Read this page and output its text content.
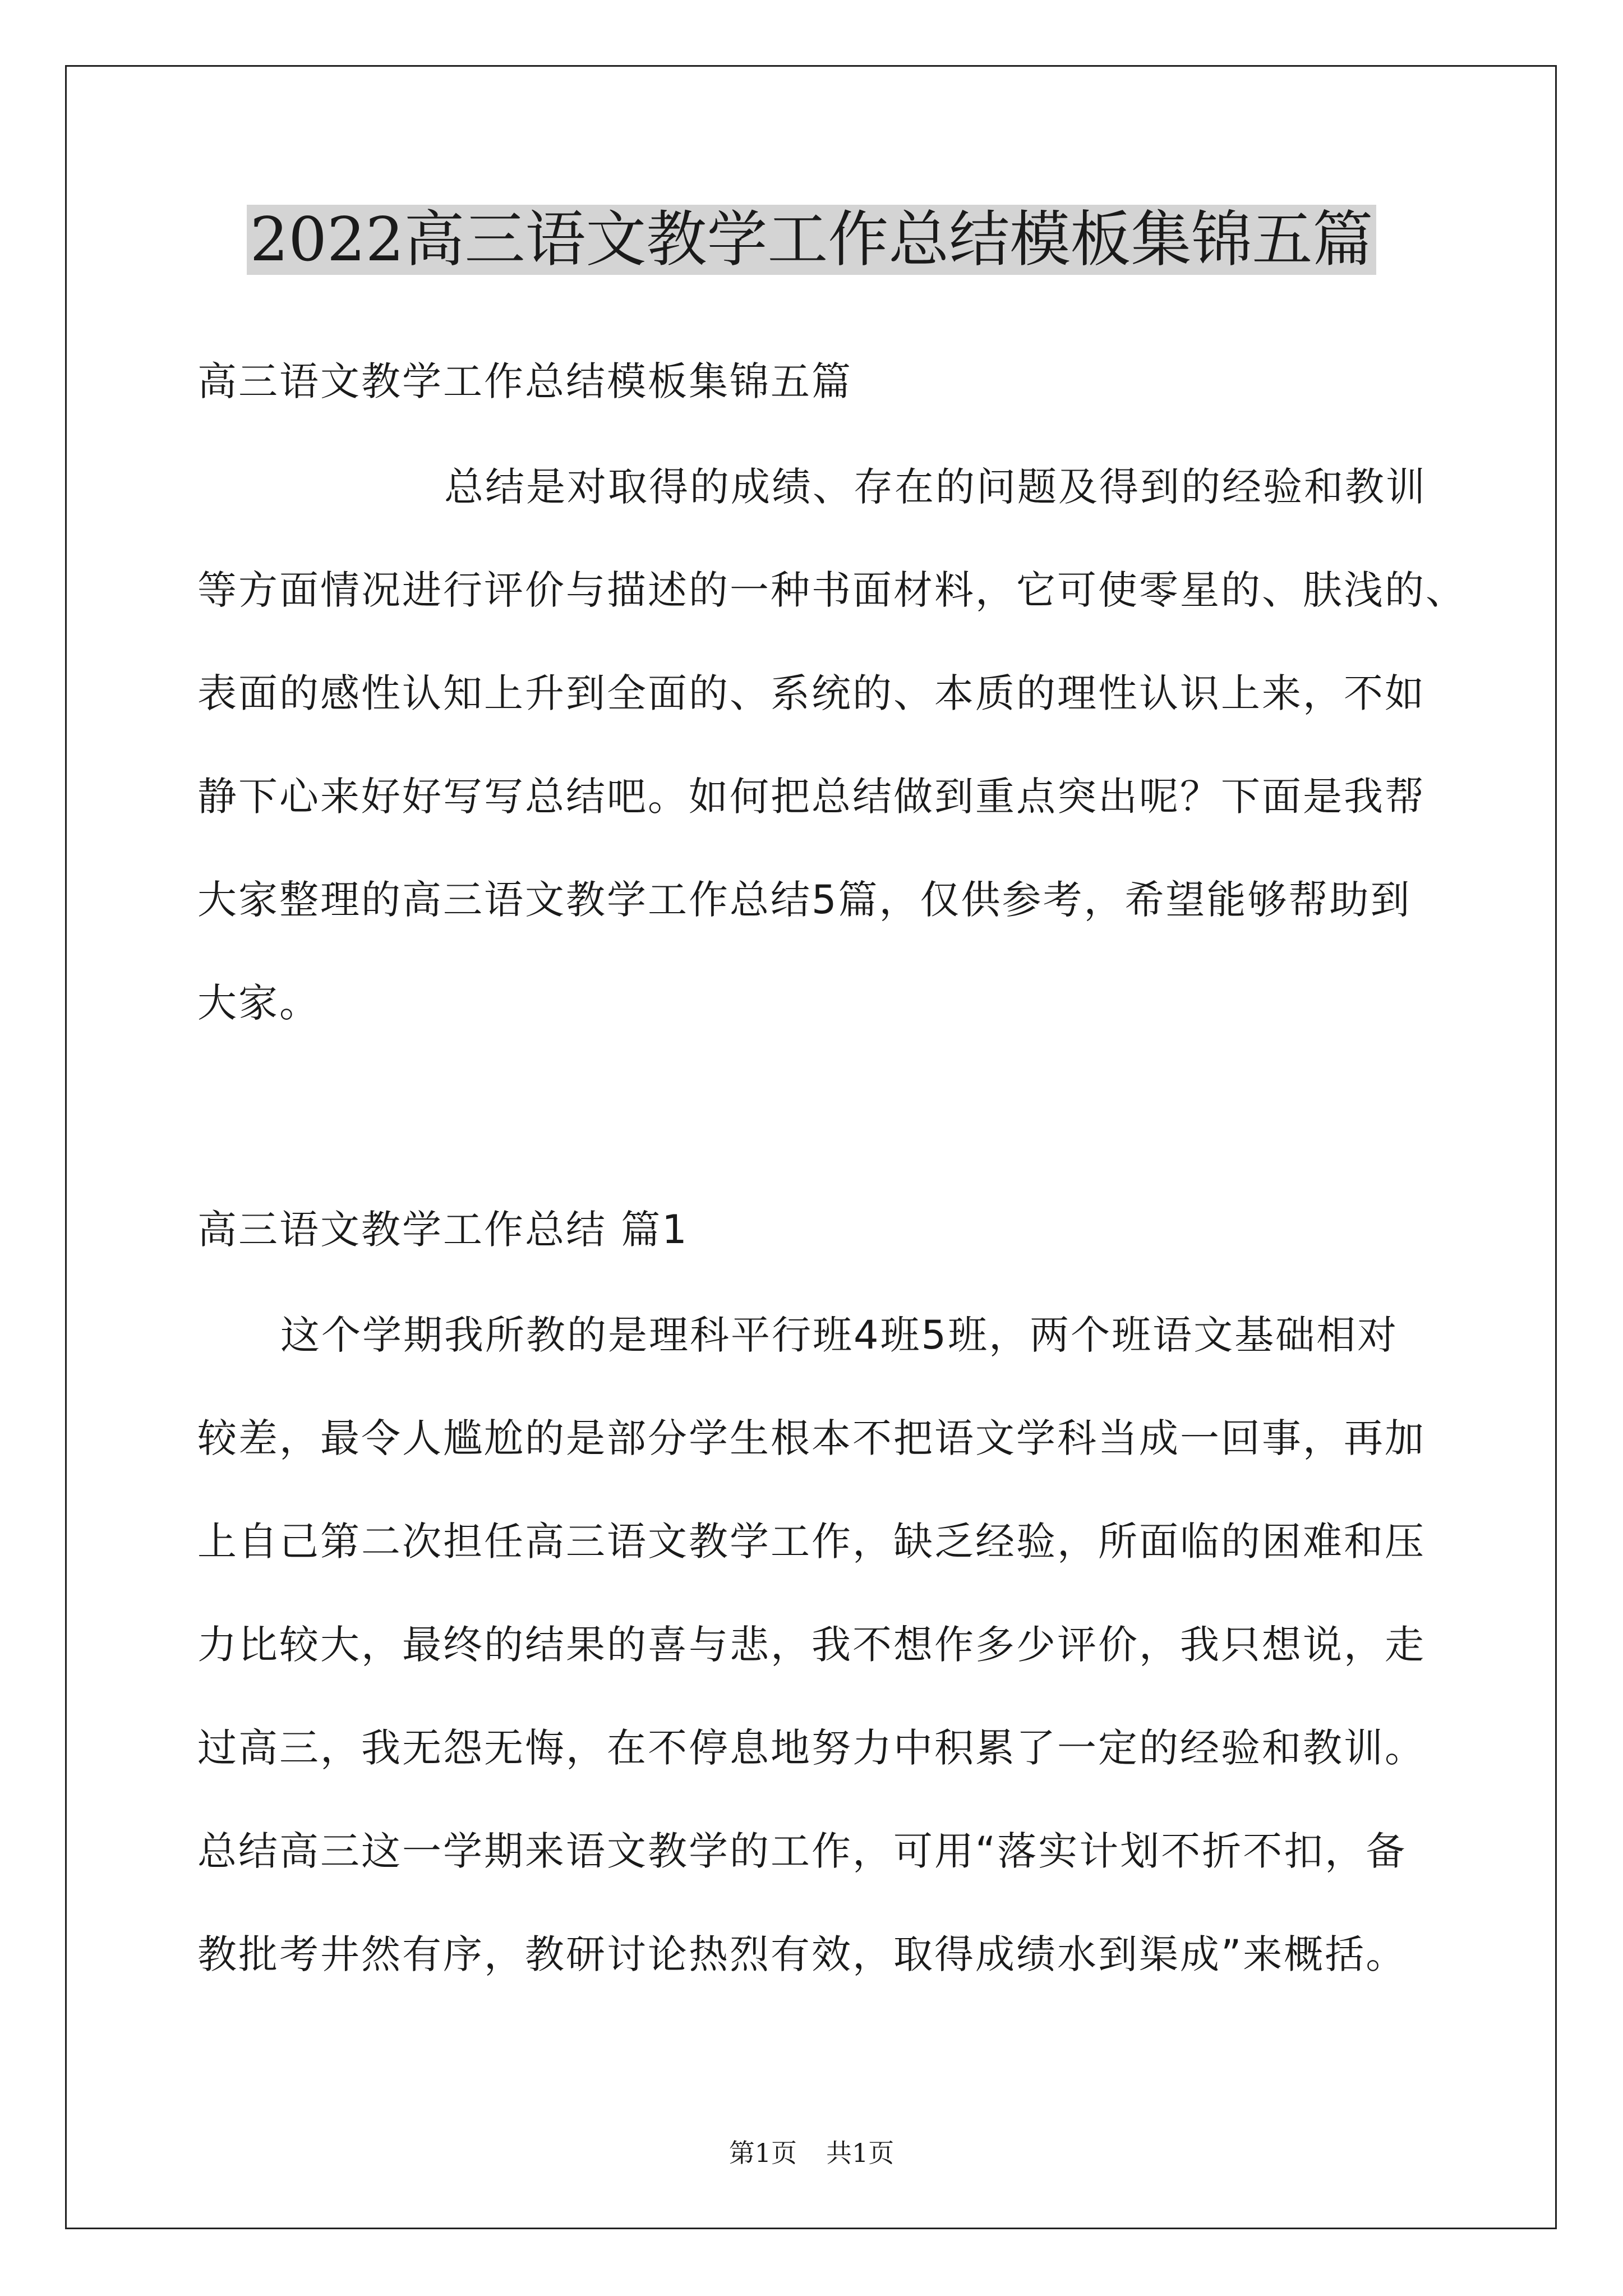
2022高三语文教学工作总结模板集锦五篇
高三语文教学工作总结模板集锦五篇
总结是对取得的成绩、存在的问题及得到的经验和教训
等方面情况进行评价与描述的一种书面材料，它可使零星的、肤浅的、
表面的感性认知上升到全面的、系统的、本质的理性认识上来，不如
静下心来好好写写总结吧。如何把总结做到重点突出呢？下面是我帮
大家整理的高三语文教学工作总结5篇，仅供参考，希望能够帮助到
大家。
高三语文教学工作总结 篇1
这个学期我所教的是理科平行班4班5班，两个班语文基础相对
较差，最令人尴尬的是部分学生根本不把语文学科当成一回事，再加
上自己第二次担任高三语文教学工作，缺乏经验，所面临的困难和压
力比较大，最终的结果的喜与悲，我不想作多少评价，我只想说，走
过高三，我无怨无悔，在不停息地努力中积累了一定的经验和教训。
总结高三这一学期来语文教学的工作，可用“落实计划不折不扣，备
教批考井然有序，教研讨论热烈有效，取得成绩水到渠成”来概括。
第1页 共1页
